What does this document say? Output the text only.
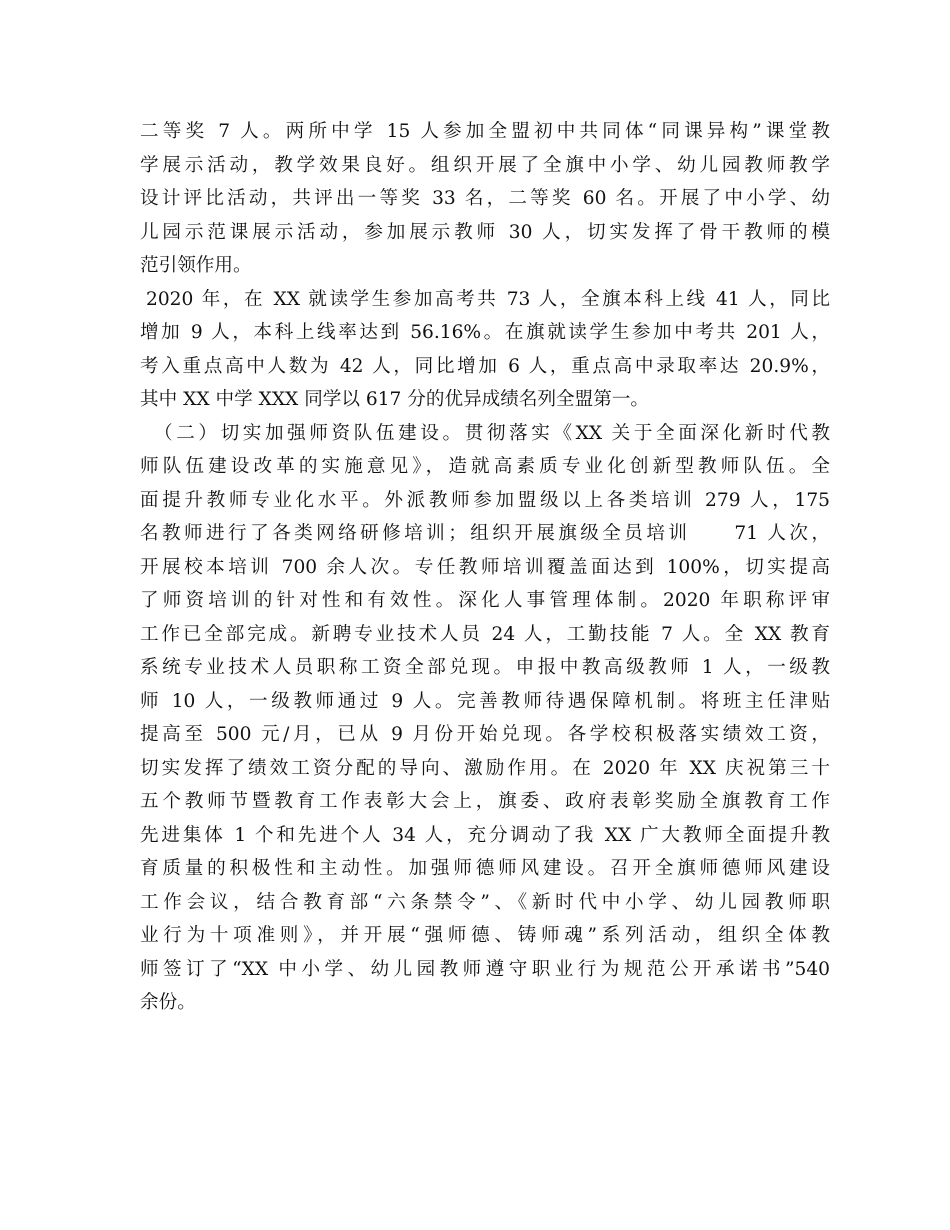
二等奖 7 人。两所中学 15 人参加全盟初中共同体“同课异构”课堂教
学展示活动，教学效果良好。组织开展了全旗中小学、幼儿园教师教学
设计评比活动，共评出一等奖 33 名，二等奖 60 名。开展了中小学、幼
儿园示范课展示活动，参加展示教师 30 人，切实发挥了骨干教师的模
范引领作用。
2020 年，在 XX 就读学生参加高考共 73 人，全旗本科上线 41 人，同比
增加 9 人，本科上线率达到 56.16%。在旗就读学生参加中考共 201 人，
考入重点高中人数为 42 人，同比增加 6 人，重点高中录取率达 20.9%，
其中 XX 中学 XXX 同学以 617 分的优异成绩名列全盟第一。
（二）切实加强师资队伍建设。贯彻落实《XX 关于全面深化新时代教
师队伍建设改革的实施意见》，造就高素质专业化创新型教师队伍。全
面提升教师专业化水平。外派教师参加盟级以上各类培训 279 人，175
名教师进行了各类网络研修培训；组织开展旗级全员培训　　71 人次，
开展校本培训 700 余人次。专任教师培训覆盖面达到 100%，切实提高
了师资培训的针对性和有效性。深化人事管理体制。2020 年职称评审
工作已全部完成。新聘专业技术人员 24 人，工勤技能 7 人。全 XX 教育
系统专业技术人员职称工资全部兑现。申报中教高级教师 1 人，一级教
师 10 人，一级教师通过 9 人。完善教师待遇保障机制。将班主任津贴
提高至 500 元/月，已从 9 月份开始兑现。各学校积极落实绩效工资，
切实发挥了绩效工资分配的导向、激励作用。在 2020 年 XX 庆祝第三十
五个教师节暨教育工作表彰大会上，旗委、政府表彰奖励全旗教育工作
先进集体 1 个和先进个人 34 人，充分调动了我 XX 广大教师全面提升教
育质量的积极性和主动性。加强师德师风建设。召开全旗师德师风建设
工作会议，结合教育部“六条禁令”、《新时代中小学、幼儿园教师职
业行为十项准则》，并开展“强师德、铸师魂”系列活动，组织全体教
师签订了“XX 中小学、幼儿园教师遵守职业行为规范公开承诺书”540
余份。
